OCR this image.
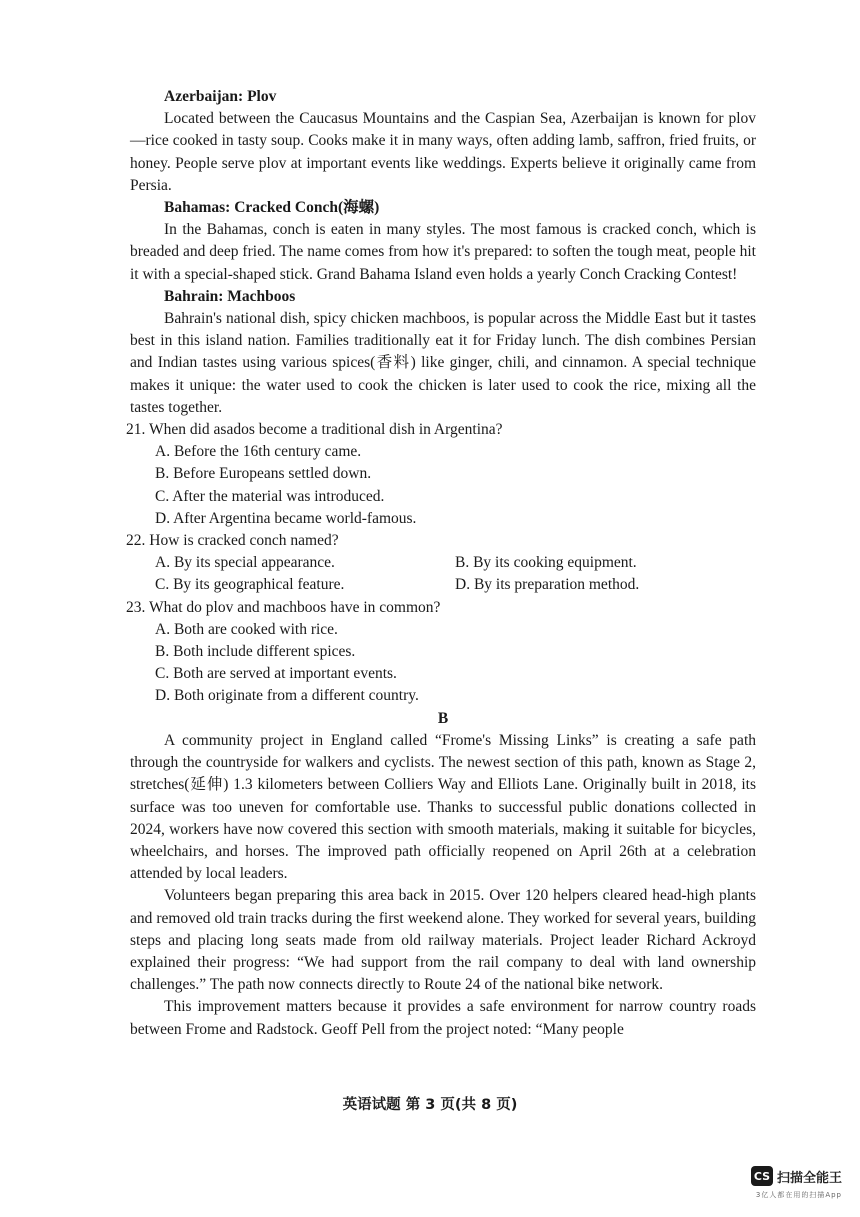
Azerbaijan: Plov
Located between the Caucasus Mountains and the Caspian Sea, Azerbaijan is known for plov—rice cooked in tasty soup. Cooks make it in many ways, often adding lamb, saffron, fried fruits, or honey. People serve plov at important events like weddings. Experts believe it originally came from Persia.
Bahamas: Cracked Conch(海螺)
In the Bahamas, conch is eaten in many styles. The most famous is cracked conch, which is breaded and deep fried. The name comes from how it's prepared: to soften the tough meat, people hit it with a special-shaped stick. Grand Bahama Island even holds a yearly Conch Cracking Contest!
Bahrain: Machboos
Bahrain's national dish, spicy chicken machboos, is popular across the Middle East but it tastes best in this island nation. Families traditionally eat it for Friday lunch. The dish combines Persian and Indian tastes using various spices(香料) like ginger, chili, and cinnamon. A special technique makes it unique: the water used to cook the chicken is later used to cook the rice, mixing all the tastes together.
21. When did asados become a traditional dish in Argentina?
A. Before the 16th century came.
B. Before Europeans settled down.
C. After the material was introduced.
D. After Argentina became world-famous.
22. How is cracked conch named?
A. By its special appearance.	B. By its cooking equipment.
C. By its geographical feature.	D. By its preparation method.
23. What do plov and machboos have in common?
A. Both are cooked with rice.
B. Both include different spices.
C. Both are served at important events.
D. Both originate from a different country.
B
A community project in England called “Frome's Missing Links” is creating a safe path through the countryside for walkers and cyclists. The newest section of this path, known as Stage 2, stretches(延伸) 1.3 kilometers between Colliers Way and Elliots Lane. Originally built in 2018, its surface was too uneven for comfortable use. Thanks to successful public donations collected in 2024, workers have now covered this section with smooth materials, making it suitable for bicycles, wheelchairs, and horses. The improved path officially reopened on April 26th at a celebration attended by local leaders.
Volunteers began preparing this area back in 2015. Over 120 helpers cleared head-high plants and removed old train tracks during the first weekend alone. They worked for several years, building steps and placing long seats made from old railway materials. Project leader Richard Ackroyd explained their progress: “We had support from the rail company to deal with land ownership challenges.” The path now connects directly to Route 24 of the national bike network.
This improvement matters because it provides a safe environment for narrow country roads between Frome and Radstock. Geoff Pell from the project noted: “Many people
英语试题 第 3 页(共 8 页)
CS 扫描全能王
3亿人都在用的扫描App
